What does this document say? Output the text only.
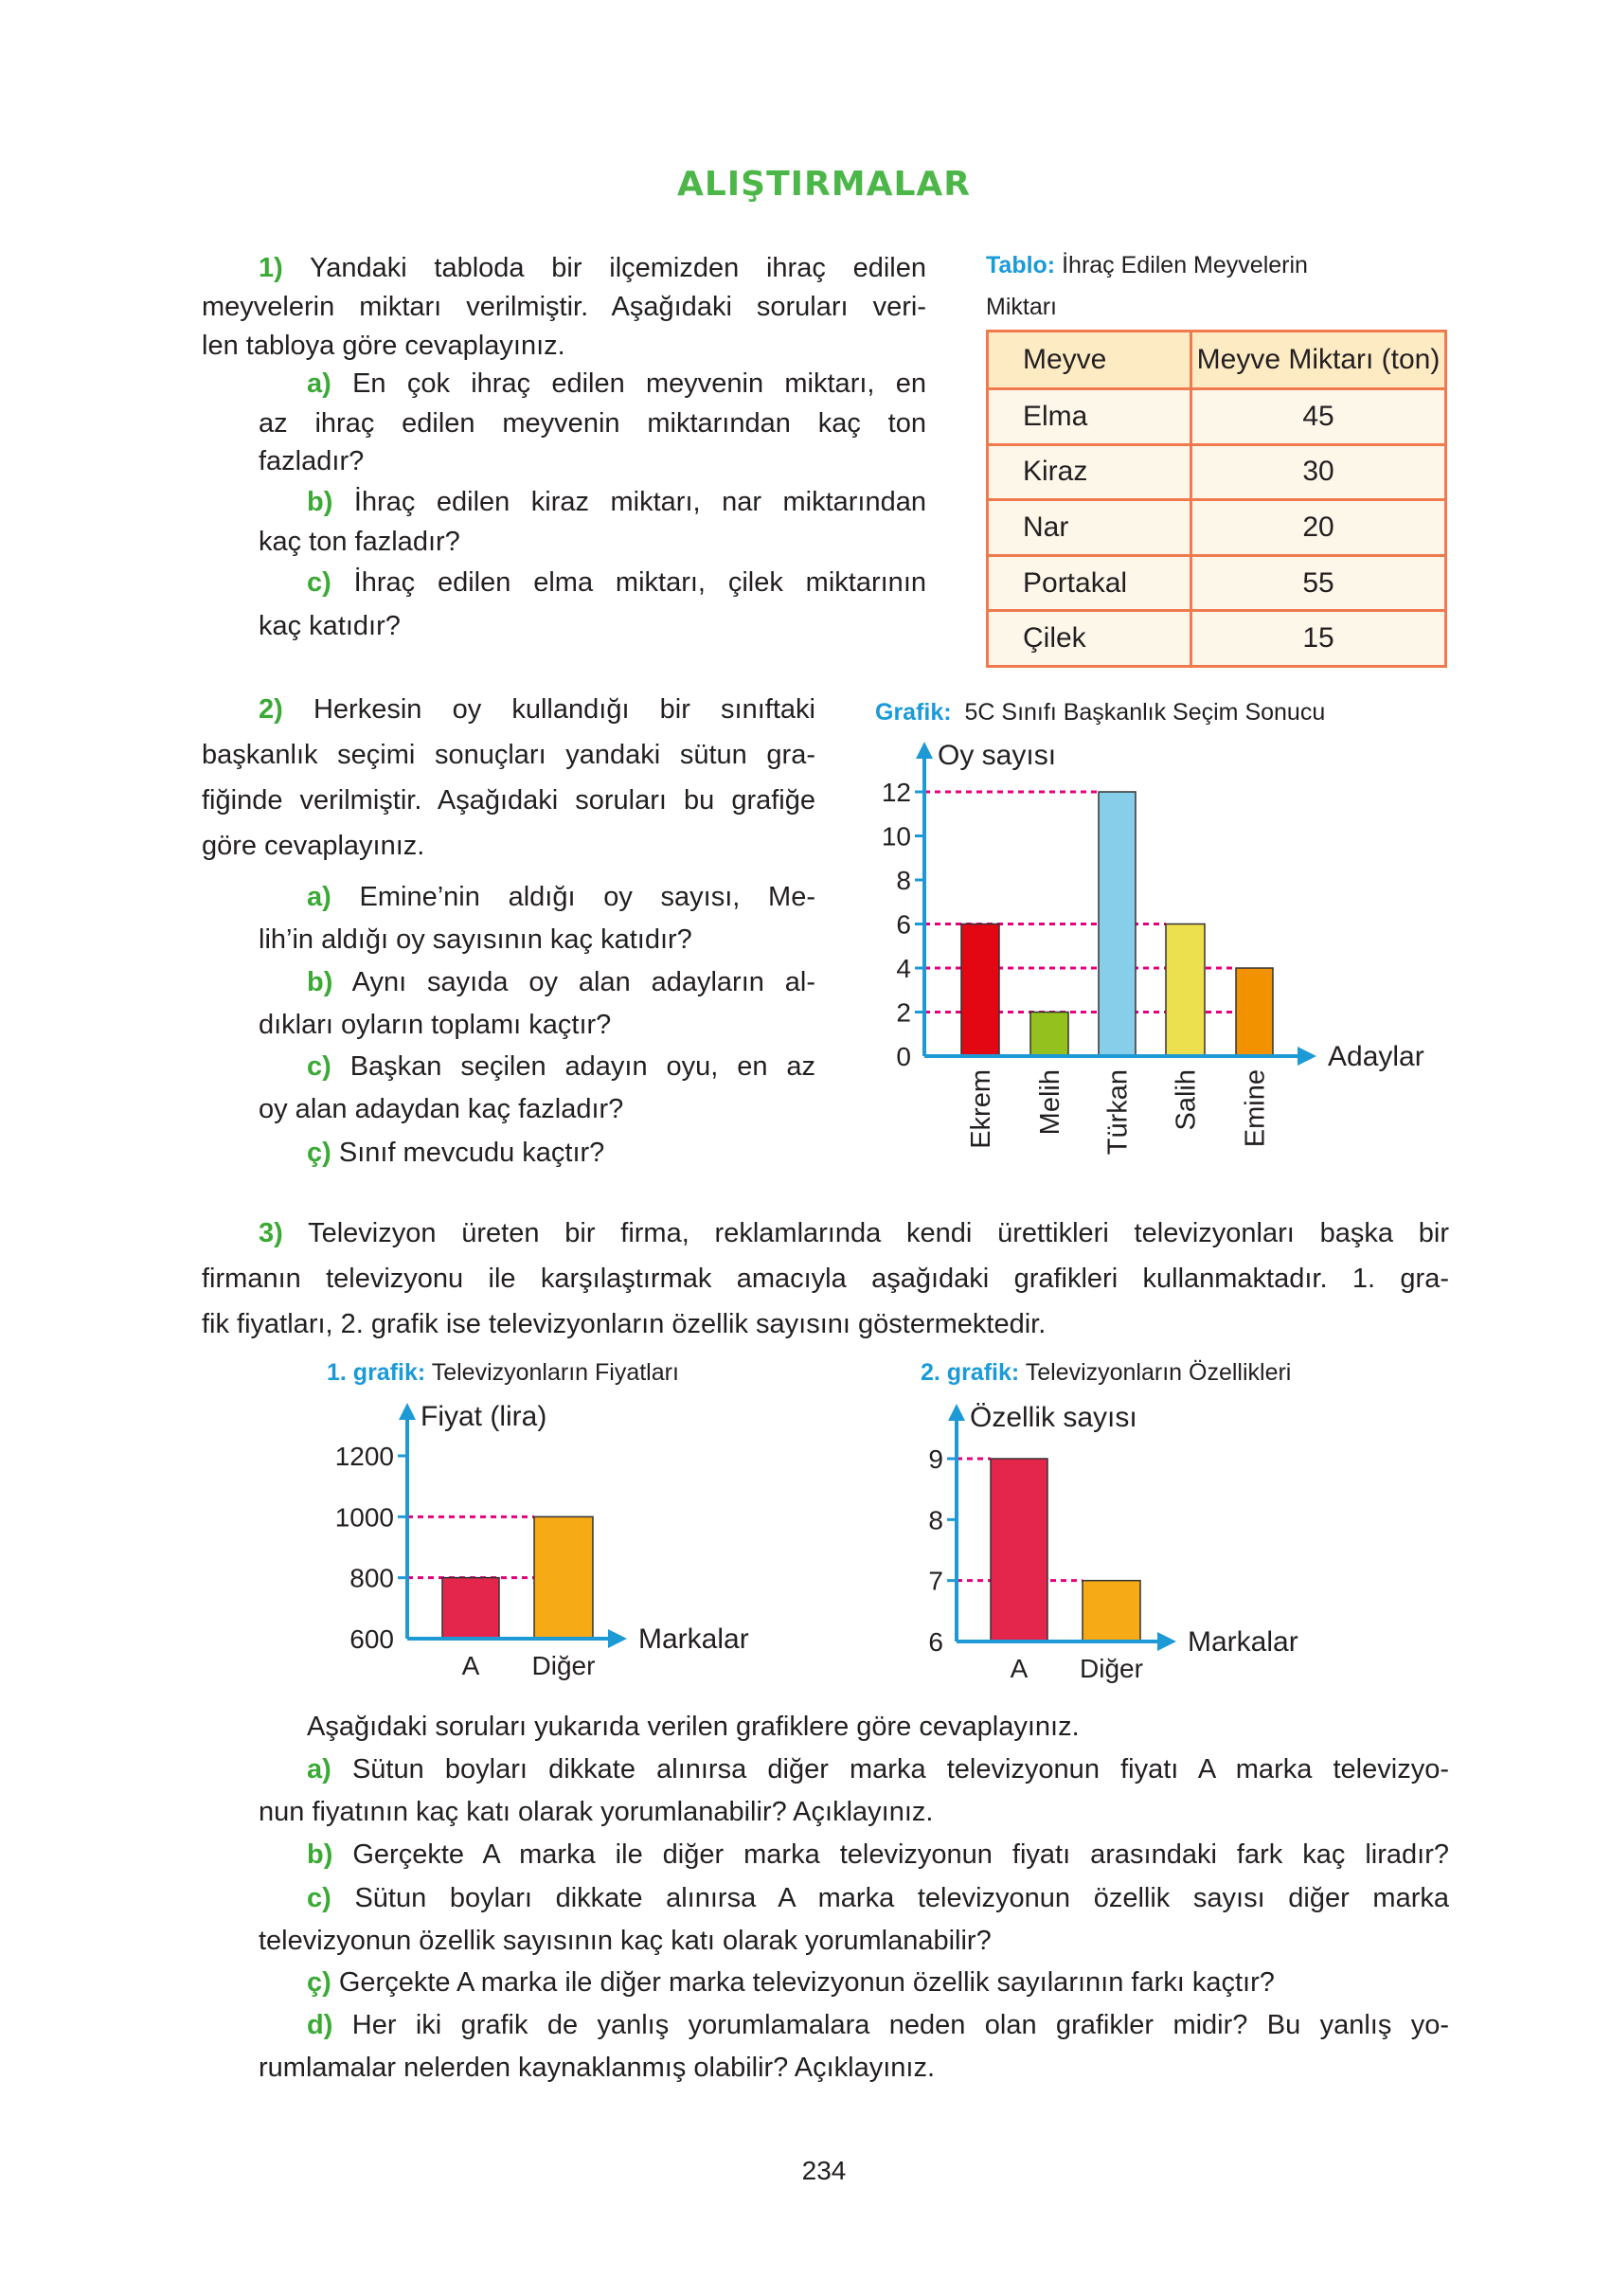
ALIŞTIRMALAR
1) Yandaki tabloda bir ilçemizden ihraç edilen
meyvelerin miktarı verilmiştir. Aşağıdaki soruları veri-
len tabloya göre cevaplayınız.
a) En çok ihraç edilen meyvenin miktarı, en
az ihraç edilen meyvenin miktarından kaç ton
fazladır?
b) İhraç edilen kiraz miktarı, nar miktarından
kaç ton fazladır?
c) İhraç edilen elma miktarı, çilek miktarının
kaç katıdır?
2) Herkesin oy kullandığı bir sınıftaki
başkanlık seçimi sonuçları yandaki sütun gra-
fiğinde verilmiştir. Aşağıdaki soruları bu grafiğe
göre cevaplayınız.
a) Emine’nin aldığı oy sayısı, Me-
lih’in aldığı oy sayısının kaç katıdır?
b) Aynı sayıda oy alan adayların al-
dıkları oyların toplamı kaçtır?
c) Başkan seçilen adayın oyu, en az
oy alan adaydan kaç fazladır?
ç) Sınıf mevcudu kaçtır?
3) Televizyon üreten bir firma, reklamlarında kendi ürettikleri televizyonları başka bir
firmanın televizyonu ile karşılaştırmak amacıyla aşağıdaki grafikleri kullanmaktadır. 1. gra-
fik fiyatları, 2. grafik ise televizyonların özellik sayısını göstermektedir.
Aşağıdaki soruları yukarıda verilen grafiklere göre cevaplayınız.
a) Sütun boyları dikkate alınırsa diğer marka televizyonun fiyatı A marka televizyo-
nun fiyatının kaç katı olarak yorumlanabilir? Açıklayınız.
b) Gerçekte A marka ile diğer marka televizyonun fiyatı arasındaki fark kaç liradır?
c) Sütun boyları dikkate alınırsa A marka televizyonun özellik sayısı diğer marka
televizyonun özellik sayısının kaç katı olarak yorumlanabilir?
ç) Gerçekte A marka ile diğer marka televizyonun özellik sayılarının farkı kaçtır?
d) Her iki grafik de yanlış yorumlamalara neden olan grafikler midir? Bu yanlış yo-
rumlamalar nelerden kaynaklanmış olabilir? Açıklayınız.
Tablo: İhraç Edilen Meyvelerin
Miktarı
Meyve	Meyve Miktarı (ton)
Elma	45
Kiraz	30
Nar	20
Portakal	55
Çilek	15
Grafik: 5C Sınıfı Başkanlık Seçim Sonucu
1. grafik: Televizyonların Fiyatları	2. grafik: Televizyonların Özellikleri
0
2
4
6
8
10
12
Oy sayısı
Adaylar
Ekrem Melih Türkan Salih Emine
600
800
1000
1200
Fiyat (lira)
Markalar
A Diğer
6
7
8
9
Özellik sayısı
Markalar
A Diğer
234
